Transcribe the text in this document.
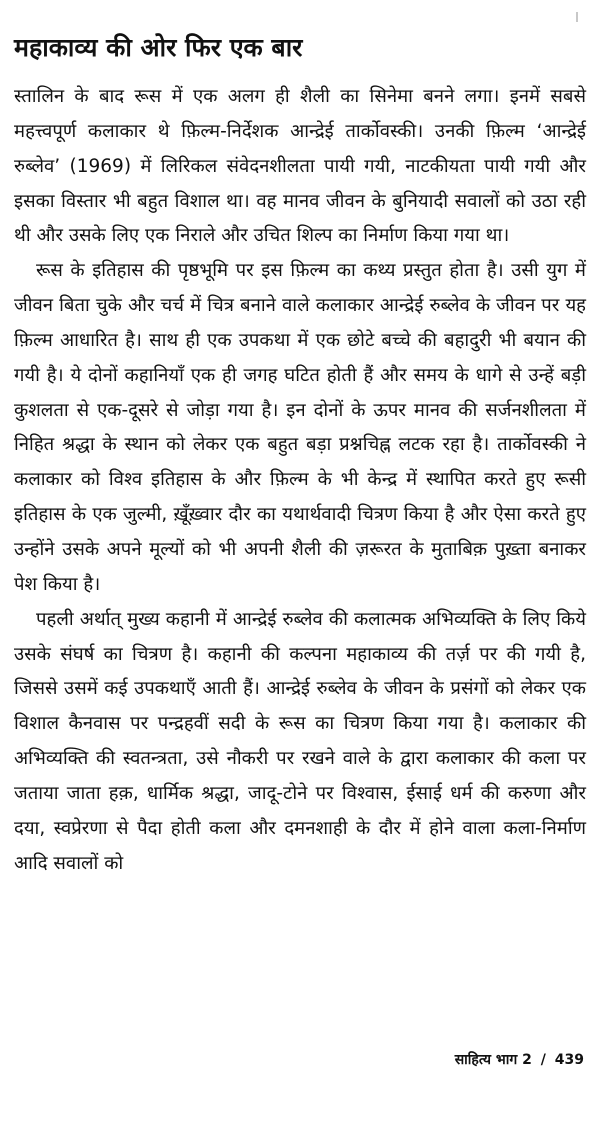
महाकाव्य की ओर फिर एक बार

स्तालिन के बाद रूस में एक अलग ही शैली का सिनेमा बनने लगा। इनमें सबसे महत्त्वपूर्ण कलाकार थे फ़िल्म-निर्देशक आन्द्रेई तार्कोवस्की। उनकी फ़िल्म ‘आन्द्रेई रुब्लेव’ (1969) में लिरिकल संवेदनशीलता पायी गयी, नाटकीयता पायी गयी और इसका विस्तार भी बहुत विशाल था। वह मानव जीवन के बुनियादी सवालों को उठा रही थी और उसके लिए एक निराले और उचित शिल्प का निर्माण किया गया था।

रूस के इतिहास की पृष्ठभूमि पर इस फ़िल्म का कथ्य प्रस्तुत होता है। उसी युग में जीवन बिता चुके और चर्च में चित्र बनाने वाले कलाकार आन्द्रेई रुब्लेव के जीवन पर यह फ़िल्म आधारित है। साथ ही एक उपकथा में एक छोटे बच्चे की बहादुरी भी बयान की गयी है। ये दोनों कहानियाँ एक ही जगह घटित होती हैं और समय के धागे से उन्हें बड़ी कुशलता से एक-दूसरे से जोड़ा गया है। इन दोनों के ऊपर मानव की सर्जनशीलता में निहित श्रद्धा के स्थान को लेकर एक बहुत बड़ा प्रश्नचिह्न लटक रहा है। तार्कोवस्की ने कलाकार को विश्व इतिहास के और फ़िल्म के भी केन्द्र में स्थापित करते हुए रूसी इतिहास के एक जुल्मी, ख़ूँख़्वार दौर का यथार्थवादी चित्रण किया है और ऐसा करते हुए उन्होंने उसके अपने मूल्यों को भी अपनी शैली की ज़रूरत के मुताबिक़ पुख़्ता बनाकर पेश किया है।

पहली अर्थात् मुख्य कहानी में आन्द्रेई रुब्लेव की कलात्मक अभिव्यक्ति के लिए किये उसके संघर्ष का चित्रण है। कहानी की कल्पना महाकाव्य की तर्ज़ पर की गयी है, जिससे उसमें कई उपकथाएँ आती हैं। आन्द्रेई रुब्लेव के जीवन के प्रसंगों को लेकर एक विशाल कैनवास पर पन्द्रहवीं सदी के रूस का चित्रण किया गया है। कलाकार की अभिव्यक्ति की स्वतन्त्रता, उसे नौकरी पर रखने वाले के द्वारा कलाकार की कला पर जताया जाता हक़, धार्मिक श्रद्धा, जादू-टोने पर विश्वास, ईसाई धर्म की करुणा और दया, स्वप्रेरणा से पैदा होती कला और दमनशाही के दौर में होने वाला कला-निर्माण आदि सवालों को

साहित्य भाग 2 / 439
